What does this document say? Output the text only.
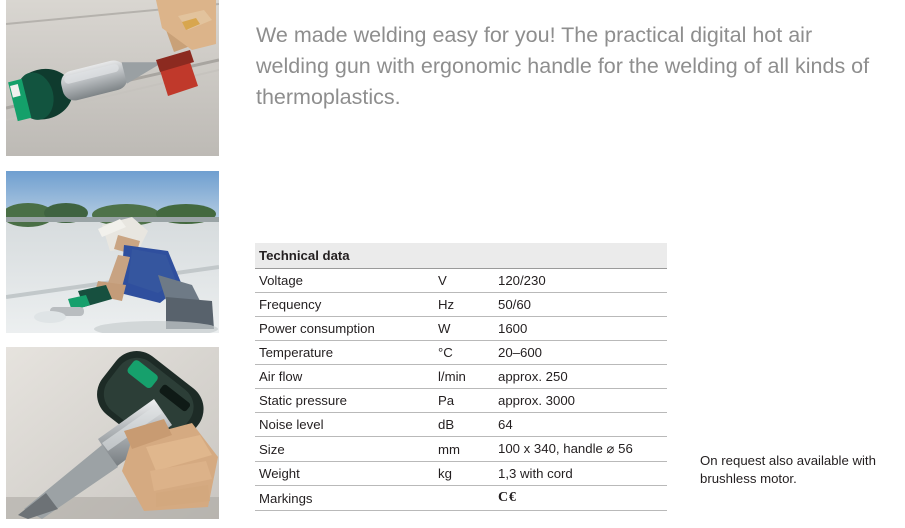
We made welding easy for you! The practical digital hot air welding gun with ergonomic handle for the welding of all kinds of thermoplastics.

Technical data		
Voltage	V	120/230
Frequency	Hz	50/60
Power consumption	W	1600
Temperature	°C	20–600
Air flow	l/min	approx. 250
Static pressure	Pa	approx. 3000
Noise level	dB	64
Size	mm	100 x 340, handle ⌀ 56
Weight	kg	1,3 with cord
Markings		C €
On request also available with brushless motor.
